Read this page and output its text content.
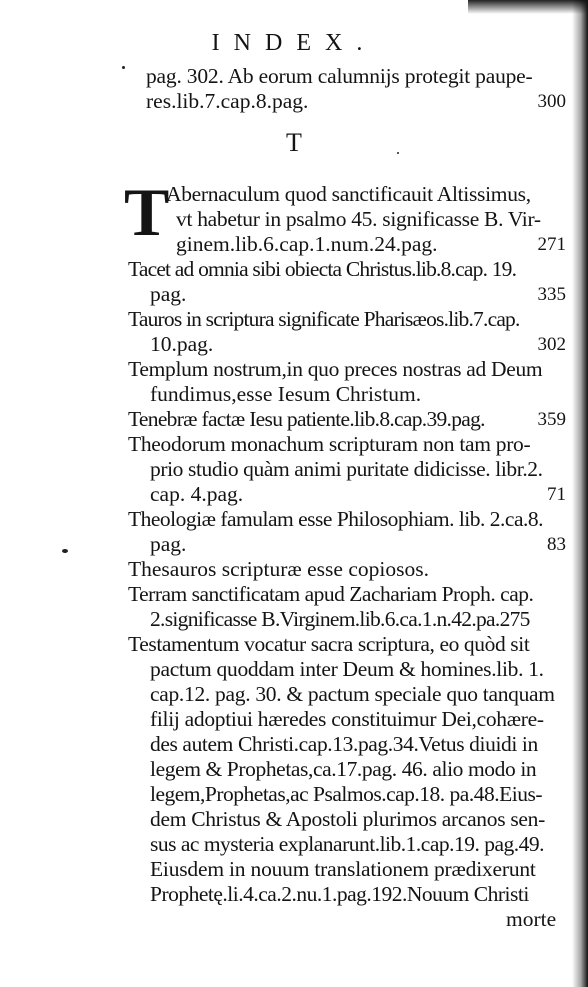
INDEX.
pag. 302. Ab eorum calumnijs protegit paupe-
res.lib.7.cap.8.pag.	300
T
T
Abernaculum quod sanctificauit Altissimus,
vt habetur in psalmo 45. significasse B. Vir-
ginem.lib.6.cap.1.num.24.pag.	271
Tacet ad omnia sibi obiecta Christus.lib.8.cap. 19.
pag.	335
Tauros in scriptura significate Pharisæos.lib.7.cap.
10.pag.	302
Templum nostrum,in quo preces nostras ad Deum
fundimus,esse Iesum Christum.
Tenebræ factæ Iesu patiente.lib.8.cap.39.pag.	359
Theodorum monachum scripturam non tam pro-
prio studio quàm animi puritate didicisse. libr.2.
cap. 4.pag.	71
Theologiæ famulam esse Philosophiam. lib. 2.ca.8.
pag.	83
Thesauros scripturæ esse copiosos.
Terram sanctificatam apud Zachariam Proph. cap.
2.significasse B.Virginem.lib.6.ca.1.n.42.pa.275
Testamentum vocatur sacra scriptura, eo quòd sit
pactum quoddam inter Deum & homines.lib. 1.
cap.12. pag. 30. & pactum speciale quo tanquam
filij adoptiui hæredes constituimur Dei,cohære-
des autem Christi.cap.13.pag.34.Vetus diuidi in
legem & Prophetas,ca.17.pag. 46. alio modo in
legem,Prophetas,ac Psalmos.cap.18. pa.48.Eius-
dem Christus & Apostoli plurimos arcanos sen-
sus ac mysteria explanarunt.lib.1.cap.19. pag.49.
Eiusdem in nouum translationem prædixerunt
Prophetę.li.4.ca.2.nu.1.pag.192.Nouum Christi
morte
